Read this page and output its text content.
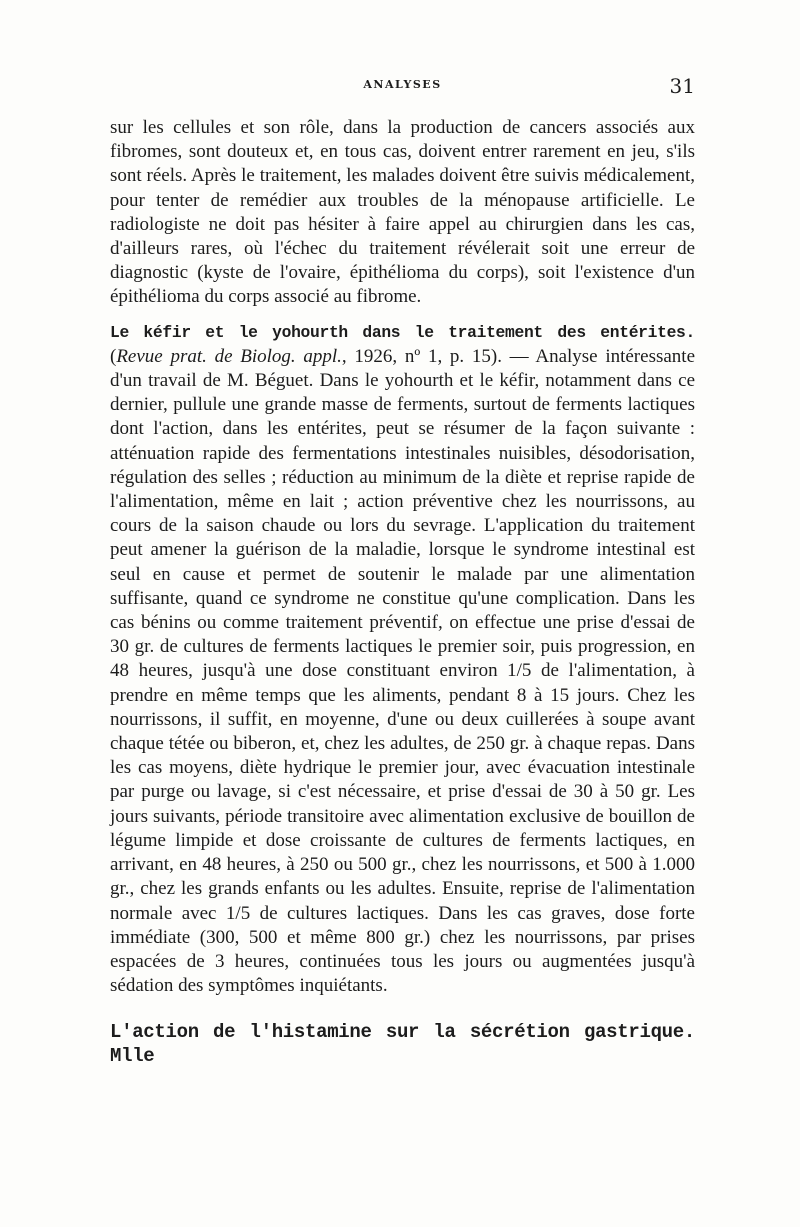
ANALYSES	31

sur les cellules et son rôle, dans la production de cancers associés aux fibromes, sont douteux et, en tous cas, doivent entrer rarement en jeu, s'ils sont réels. Après le traitement, les malades doivent être suivis médicalement, pour tenter de remédier aux troubles de la ménopause artificielle. Le radiologiste ne doit pas hésiter à faire appel au chirurgien dans les cas, d'ailleurs rares, où l'échec du traitement révélerait soit une erreur de diagnostic (kyste de l'ovaire, épithélioma du corps), soit l'existence d'un épithélioma du corps associé au fibrome.

Le kéfir et le yohourth dans le traitement des entérites. (Revue prat. de Biolog. appl., 1926, nº 1, p. 15). — Analyse intéressante d'un travail de M. Béguet. Dans le yohourth et le kéfir, notamment dans ce dernier, pullule une grande masse de ferments, surtout de ferments lactiques dont l'action, dans les entérites, peut se résumer de la façon suivante : atténuation rapide des fermentations intestinales nuisibles, désodorisation, régulation des selles ; réduction au minimum de la diète et reprise rapide de l'alimentation, même en lait ; action préventive chez les nourrissons, au cours de la saison chaude ou lors du sevrage. L'application du traitement peut amener la guérison de la maladie, lorsque le syndrome intestinal est seul en cause et permet de soutenir le malade par une alimentation suffisante, quand ce syndrome ne constitue qu'une complication. Dans les cas bénins ou comme traitement préventif, on effectue une prise d'essai de 30 gr. de cultures de ferments lactiques le premier soir, puis progression, en 48 heures, jusqu'à une dose constituant environ 1/5 de l'alimentation, à prendre en même temps que les aliments, pendant 8 à 15 jours. Chez les nourrissons, il suffit, en moyenne, d'une ou deux cuillerées à soupe avant chaque tétée ou biberon, et, chez les adultes, de 250 gr. à chaque repas. Dans les cas moyens, diète hydrique le premier jour, avec évacuation intestinale par purge ou lavage, si c'est nécessaire, et prise d'essai de 30 à 50 gr. Les jours suivants, période transitoire avec alimentation exclusive de bouillon de légume limpide et dose croissante de cultures de ferments lactiques, en arrivant, en 48 heures, à 250 ou 500 gr., chez les nourrissons, et 500 à 1.000 gr., chez les grands enfants ou les adultes. Ensuite, reprise de l'alimentation normale avec 1/5 de cultures lactiques. Dans les cas graves, dose forte immédiate (300, 500 et même 800 gr.) chez les nourrissons, par prises espacées de 3 heures, continuées tous les jours ou augmentées jusqu'à sédation des symptômes inquiétants.

L'action de l'histamine sur la sécrétion gastrique. Mlle
